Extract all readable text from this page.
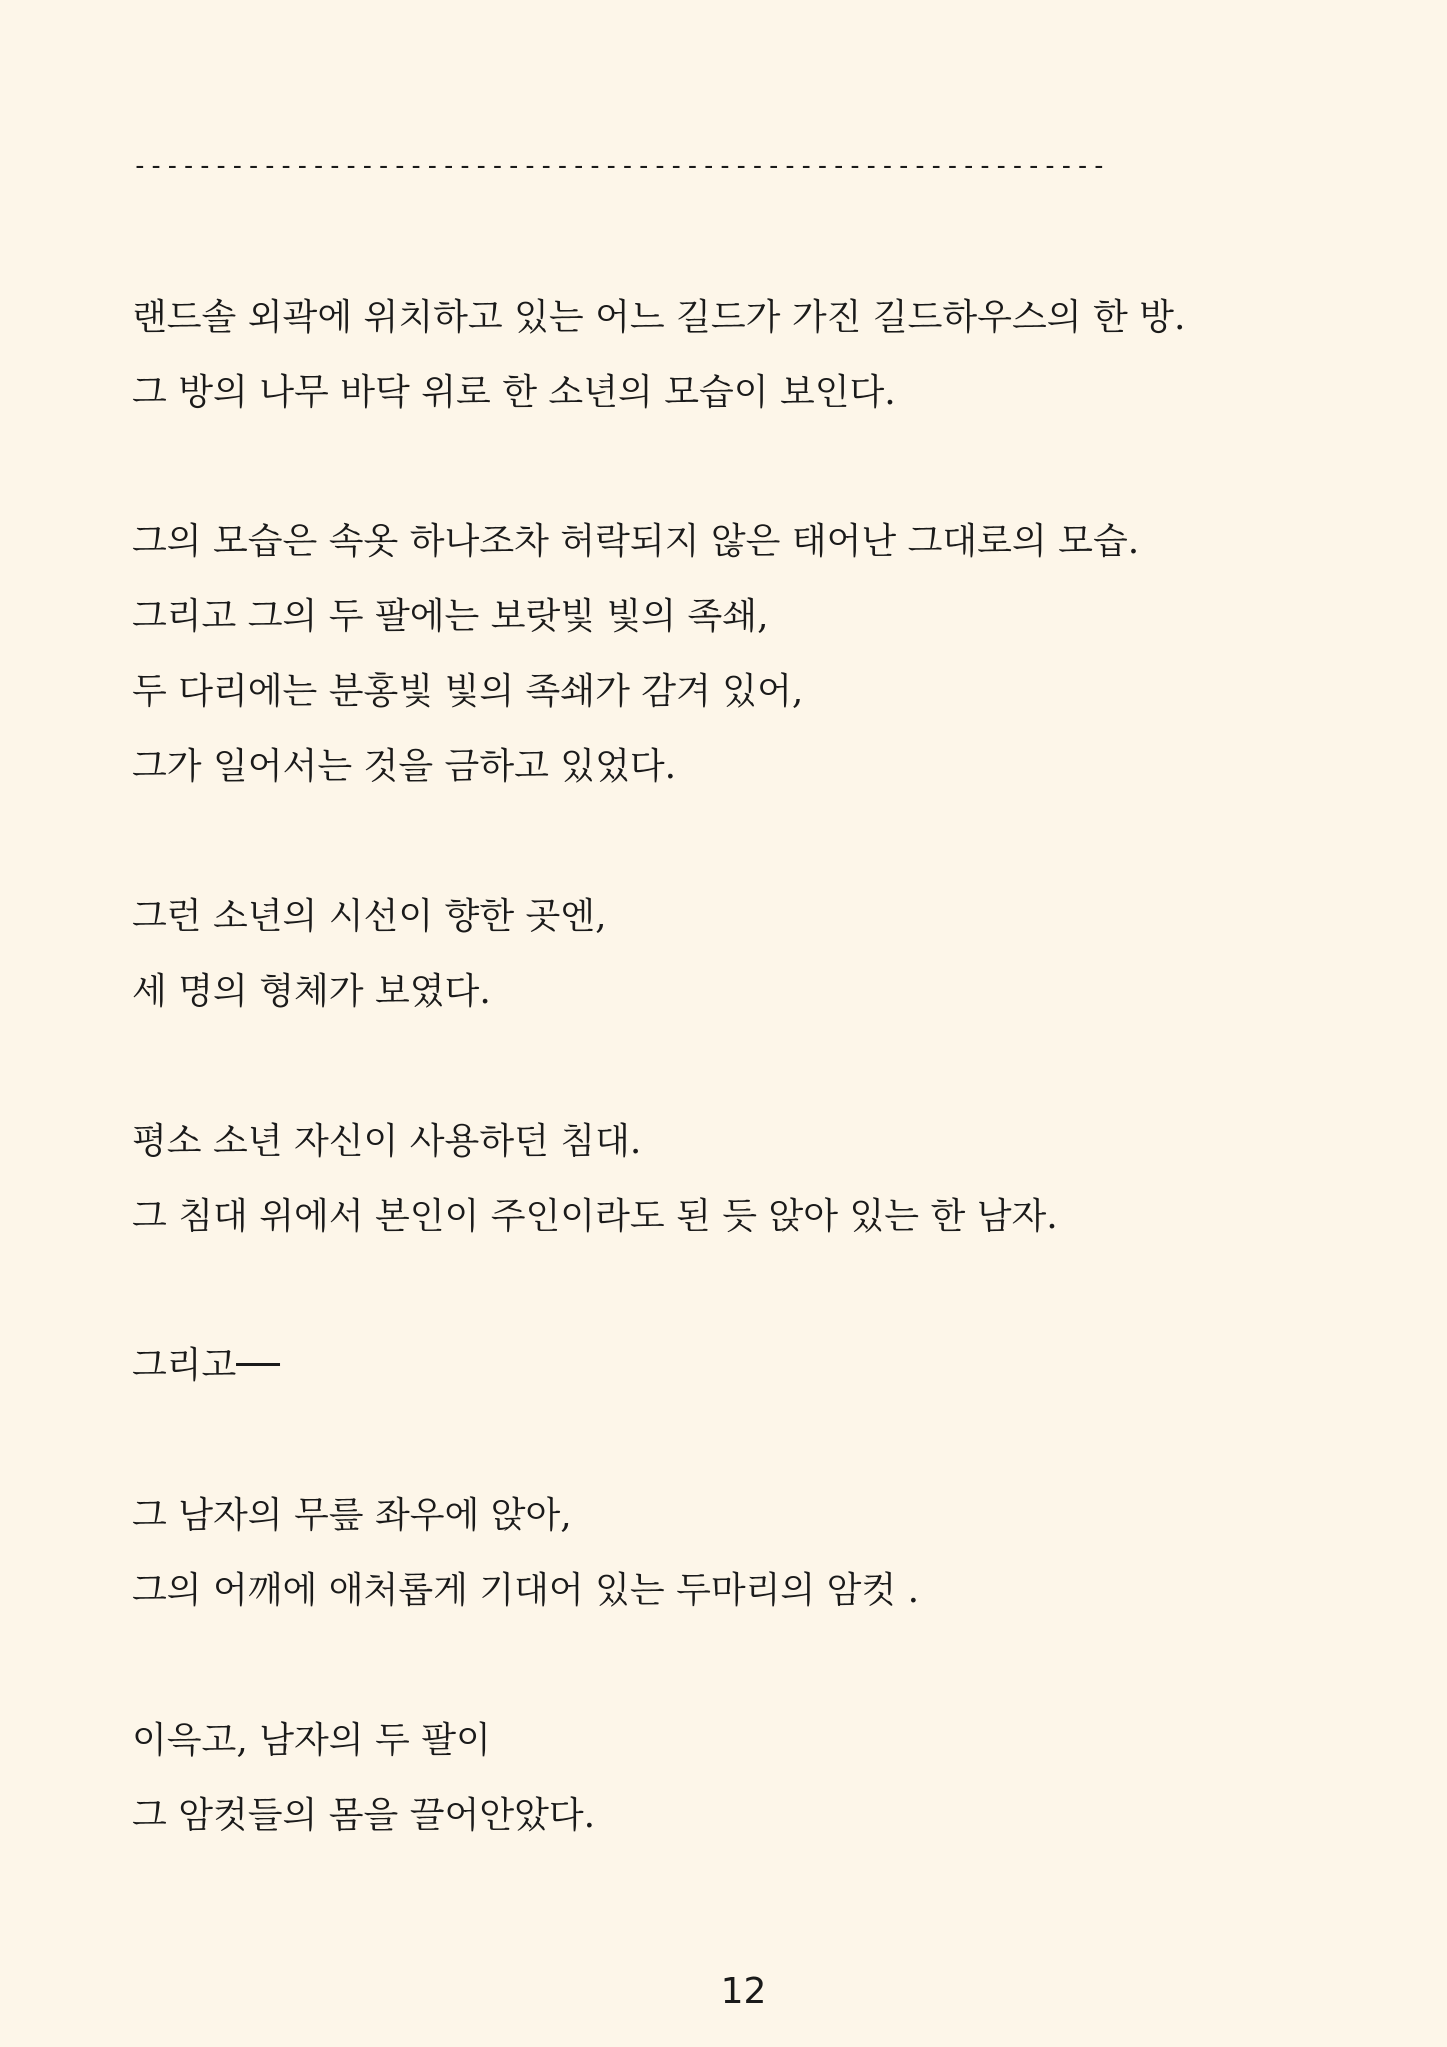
------------------------------------------------------------
랜드솔 외곽에 위치하고 있는 어느 길드가 가진 길드하우스의 한 방.
그 방의 나무 바닥 위로 한 소년의 모습이 보인다.
그의 모습은 속옷 하나조차 허락되지 않은 태어난 그대로의 모습.
그리고 그의 두 팔에는 보랏빛 빛의 족쇄,
두 다리에는 분홍빛 빛의 족쇄가 감겨 있어,
그가 일어서는 것을 금하고 있었다.
그런 소년의 시선이 향한 곳엔,
세 명의 형체가 보였다.
평소 소년 자신이 사용하던 침대.
그 침대 위에서 본인이 주인이라도 된 듯 앉아 있는 한 남자.
그리고──
그 남자의 무릎 좌우에 앉아,
그의 어깨에 애처롭게 기대어 있는 두마리의 암컷 .
이윽고, 남자의 두 팔이
그 암컷들의 몸을 끌어안았다.
12
